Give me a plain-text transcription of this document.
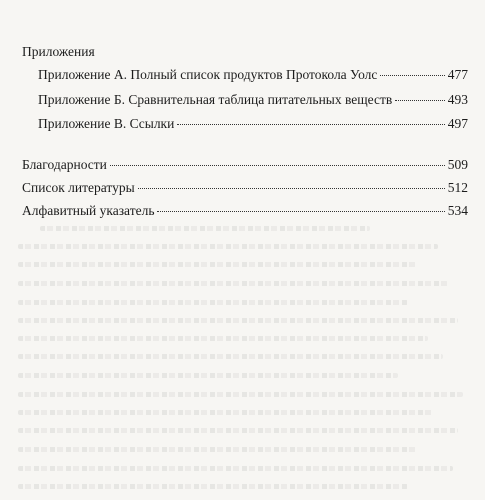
Приложения
Приложение А. Полный список продуктов Протокола Уолс	477
Приложение Б. Сравнительная таблица питательных веществ	493
Приложение В. Ссылки	497
Благодарности	509
Список литературы	512
Алфавитный указатель	534
